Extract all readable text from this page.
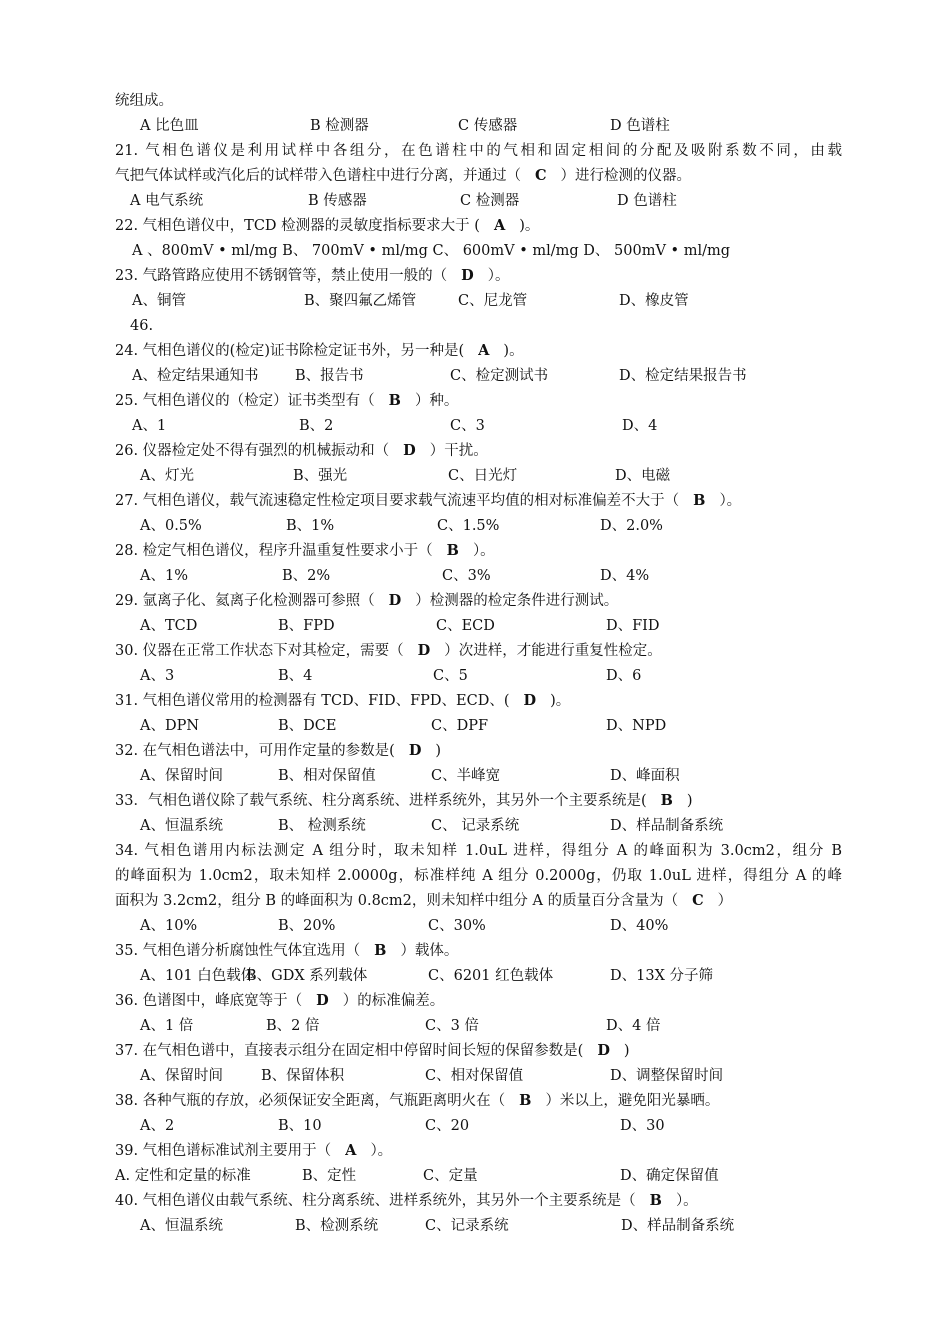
统组成。
A 比色皿	B 检测器	C 传感器	D 色谱柱
21. 气相色谱仪是利用试样中各组分，在色谱柱中的气相和固定相间的分配及吸附系数不同，由载
气把气体试样或汽化后的试样带入色谱柱中进行分离，并通过（ C ）进行检测的仪器。
A 电气系统	B 传感器	C 检测器	D 色谱柱
22. 气相色谱仪中，TCD 检测器的灵敏度指标要求大于 ( A )。
A 、800mV • ml/mg B、 700mV • ml/mg C、 600mV • ml/mg D、 500mV • ml/mg
23. 气路管路应使用不锈钢管等，禁止使用一般的（ D ）。
A、铜管	B、聚四氟乙烯管	C、尼龙管	D、橡皮管
46.
24. 气相色谱仪的(检定)证书除检定证书外，另一种是( A )。
A、检定结果通知书	B、报告书	C、检定测试书	D、检定结果报告书
25. 气相色谱仪的（检定）证书类型有（ B ）种。
A、1	B、2	C、3	D、4
26. 仪器检定处不得有强烈的机械振动和（ D ）干扰。
A、灯光	B、强光	C、日光灯	D、电磁
27. 气相色谱仪，载气流速稳定性检定项目要求载气流速平均值的相对标准偏差不大于（ B ）。
A、0.5%	B、1%	C、1.5%	D、2.0%
28. 检定气相色谱仪，程序升温重复性要求小于（ B ）。
A、1%	B、2%	C、3%	D、4%
29. 氩离子化、氦离子化检测器可参照（ D ）检测器的检定条件进行测试。
A、TCD	B、FPD	C、ECD	D、FID
30. 仪器在正常工作状态下对其检定，需要（ D ）次进样，才能进行重复性检定。
A、3	B、4	C、5	D、6
31. 气相色谱仪常用的检测器有 TCD、FID、FPD、ECD、( D )。
A、DPN	B、DCE	C、DPF	D、NPD
32. 在气相色谱法中，可用作定量的参数是( D )
A、保留时间	B、相对保留值	C、半峰宽	D、峰面积
33．气相色谱仪除了载气系统、柱分离系统、进样系统外，其另外一个主要系统是( B )
A、恒温系统	B、 检测系统	C、 记录系统	D、样品制备系统
34. 气相色谱用内标法测定 A 组分时，取未知样 1.0uL 进样，得组分 A 的峰面积为 3.0cm2，组分 B
的峰面积为 1.0cm2，取未知样 2.0000g，标准样纯 A 组分 0.2000g，仍取 1.0uL 进样，得组分 A 的峰
面积为 3.2cm2，组分 B 的峰面积为 0.8cm2，则未知样中组分 A 的质量百分含量为（ C ）
A、10%	B、20%	C、30%	D、40%
35. 气相色谱分析腐蚀性气体宜选用（ B ）载体。
A、101 白色载体
B、GDX 系列载体	C、6201 红色载体	D、13X 分子筛
36. 色谱图中，峰底宽等于（ D ）的标准偏差。
A、1 倍	B、2 倍	C、3 倍	D、4 倍
37. 在气相色谱中，直接表示组分在固定相中停留时间长短的保留参数是( D )
A、保留时间	B、保留体积	C、相对保留值	D、调整保留时间
38. 各种气瓶的存放，必须保证安全距离，气瓶距离明火在（ B ）米以上，避免阳光暴晒。
A、2	B、10	C、20	D、30
39. 气相色谱标准试剂主要用于（ A ）。
A. 定性和定量的标准	B、定性	C、定量	D、确定保留值
40. 气相色谱仪由载气系统、柱分离系统、进样系统外，其另外一个主要系统是（ B ）。
A、恒温系统	B、检测系统	C、记录系统	D、样品制备系统
